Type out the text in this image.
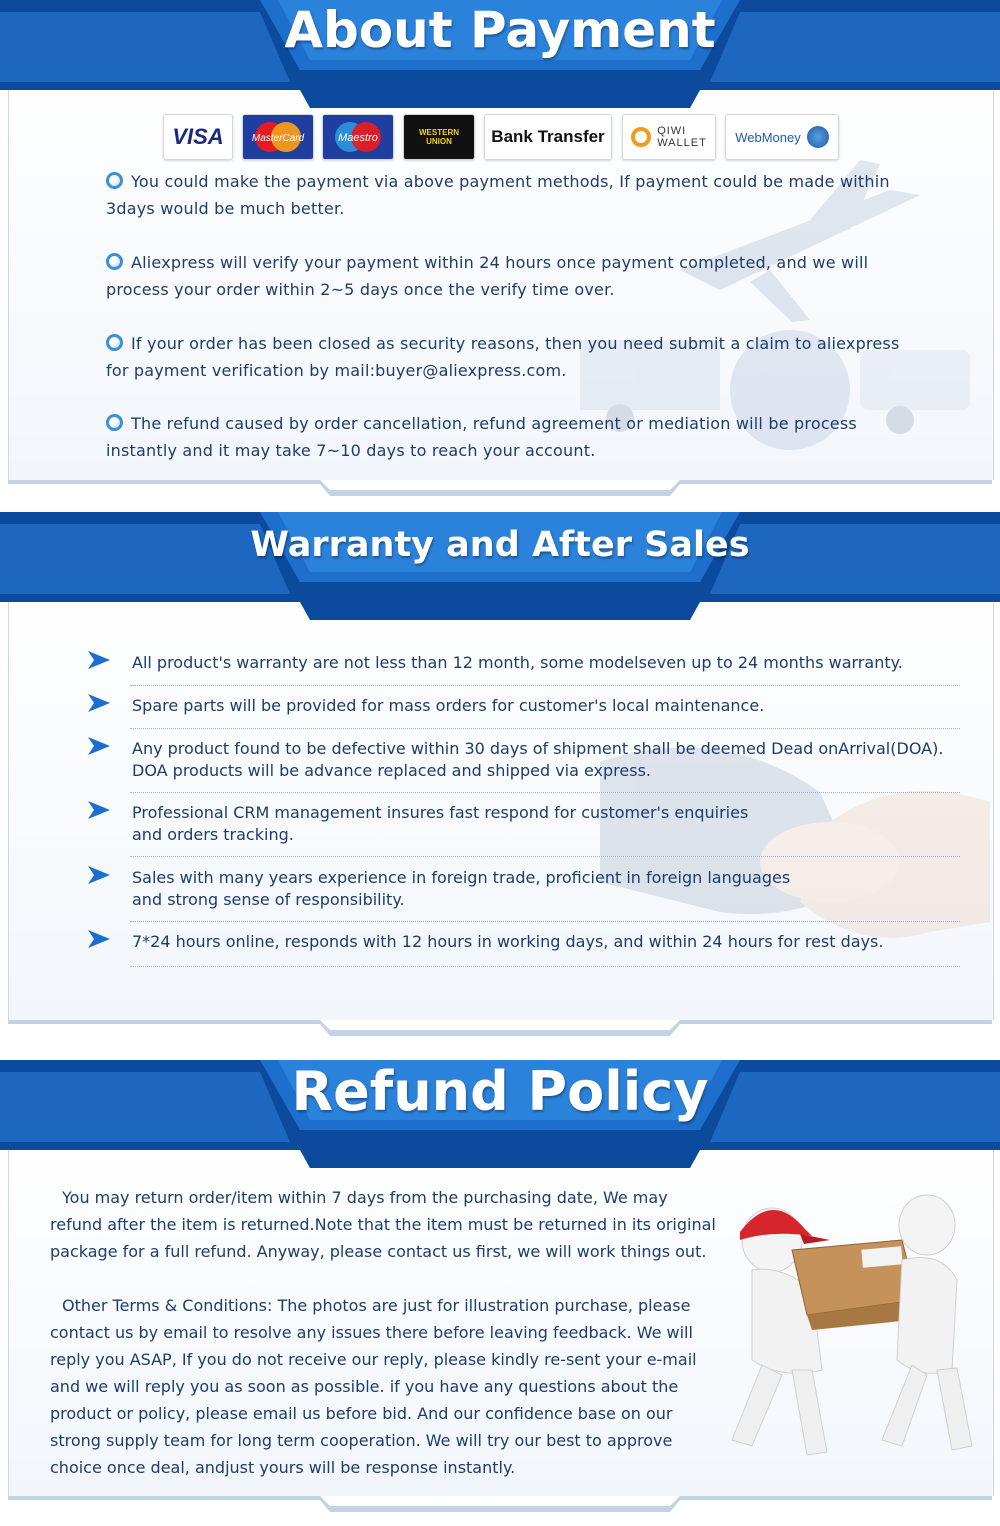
About Payment
VISA	MasterCard	Maestro	WESTERN
UNION	Bank Transfer	QIWI
WALLET WebMoney
You could make the payment via above payment methods, If payment could be made within 3days would be much better.
Aliexpress will verify your payment within 24 hours once payment completed, and we will process your order within 2~5 days once the verify time over.
If your order has been closed as security reasons, then you need submit a claim to aliexpress for payment verification by mail:buyer@aliexpress.com.
The refund caused by order cancellation, refund agreement or mediation will be process instantly and it may take 7~10 days to reach your account.
Warranty and After Sales
All product's warranty are not less than 12 month, some modelseven up to 24 months warranty.
Spare parts will be provided for mass orders for customer's local maintenance.
Any product found to be defective within 30 days of shipment shall be deemed Dead onArrival(DOA). DOA products will be advance replaced and shipped via express.
Professional CRM management insures fast respond for customer's enquiries and orders tracking.
Sales with many years experience in foreign trade, proficient in foreign languages and strong sense of responsibility.
7*24 hours online, responds with 12 hours in working days, and within 24 hours for rest days.
Refund Policy
You may return order/item within 7 days from the purchasing date, We may refund after the item is returned.Note that the item must be returned in its original package for a full refund. Anyway, please contact us first, we will work things out.
Other Terms & Conditions: The photos are just for illustration purchase, please contact us by email to resolve any issues there before leaving feedback. We will reply you ASAP, If you do not receive our reply, please kindly re-sent your e-mail and we will reply you as soon as possible. if you have any questions about the product or policy, please email us before bid. And our confidence base on our strong supply team for long term cooperation. We will try our best to approve choice once deal, andjust yours will be response instantly.
